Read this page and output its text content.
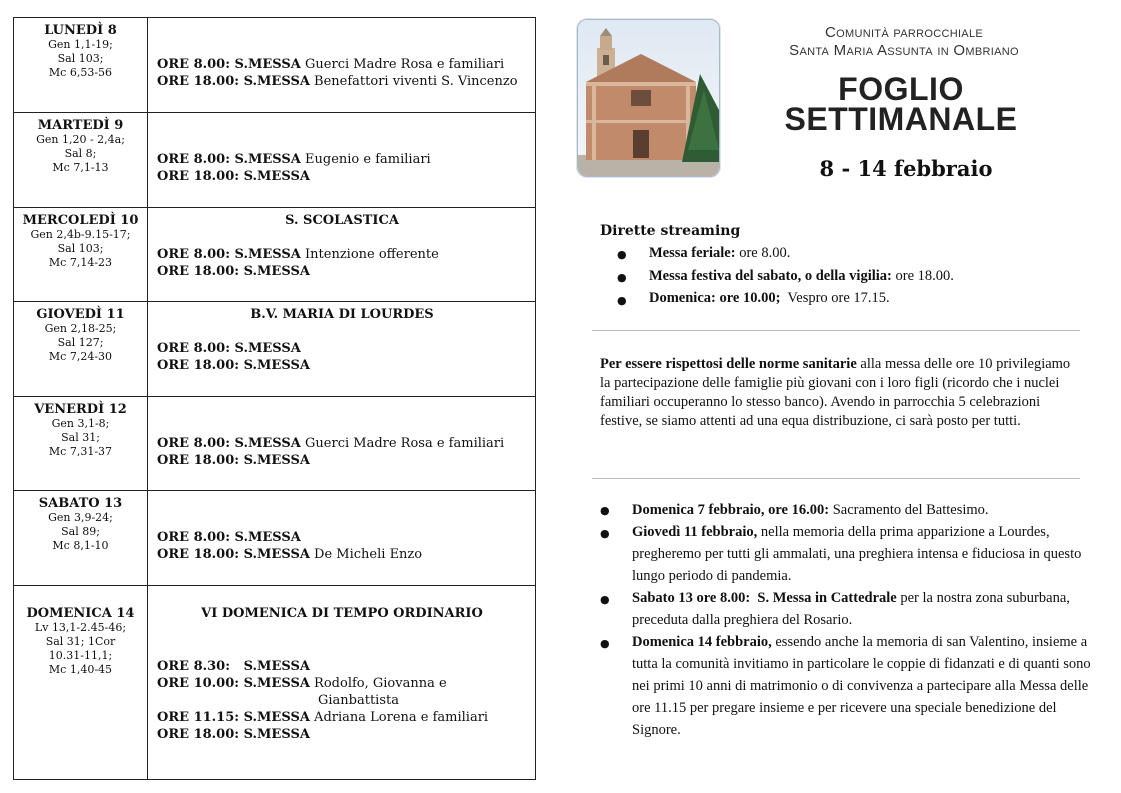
LUNEDÌ 8
Gen 1,1-19;
Sal 103;
Mc 6,53-56
ORE 8.00: S.MESSA Guerci Madre Rosa e familiari
ORE 18.00: S.MESSA Benefattori viventi S. Vincenzo
MARTEDÌ 9
Gen 1,20 - 2,4a;
Sal 8;
Mc 7,1-13
ORE 8.00: S.MESSA Eugenio e familiari
ORE 18.00: S.MESSA
MERCOLEDÌ 10
Gen 2,4b-9.15-17;
Sal 103;
Mc 7,14-23
S. SCOLASTICA
ORE 8.00: S.MESSA Intenzione offerente
ORE 18.00: S.MESSA
GIOVEDÌ 11
Gen 2,18-25;
Sal 127;
Mc 7,24-30
B.V. MARIA DI LOURDES
ORE 8.00: S.MESSA
ORE 18.00: S.MESSA
VENERDÌ 12
Gen 3,1-8;
Sal 31;
Mc 7,31-37
ORE 8.00: S.MESSA Guerci Madre Rosa e familiari
ORE 18.00: S.MESSA
SABATO 13
Gen 3,9-24;
Sal 89;
Mc 8,1-10
ORE 8.00: S.MESSA
ORE 18.00: S.MESSA De Micheli Enzo
DOMENICA 14
Lv 13,1-2.45-46;
Sal 31; 1Cor
10.31-11,1;
Mc 1,40-45
VI DOMENICA DI TEMPO ORDINARIO
ORE 8.30:   S.MESSA
ORE 10.00: S.MESSA Rodolfo, Giovanna e
Gianbattista
ORE 11.15: S.MESSA Adriana Lorena e familiari
ORE 18.00: S.MESSA
Comunità parrocchiale
Santa Maria Assunta in Ombriano
FOGLIO
SETTIMANALE
8 - 14 febbraio
Dirette streaming
● Messa feriale: ore 8.00.
● Messa festiva del sabato, o della vigilia: ore 18.00.
● Domenica: ore 10.00;  Vespro ore 17.15.
Per essere rispettosi delle norme sanitarie alla messa delle ore 10 privilegiamo la partecipazione delle famiglie più giovani con i loro figli (ricordo che i nuclei familiari occuperanno lo stesso banco). Avendo in parrocchia 5 celebrazioni festive, se siamo attenti ad una equa distribuzione, ci sarà posto per tutti.
● Domenica 7 febbraio, ore 16.00: Sacramento del Battesimo.
● Giovedì 11 febbraio, nella memoria della prima apparizione a Lourdes, pregheremo per tutti gli ammalati, una preghiera intensa e fiduciosa in questo lungo periodo di pandemia.
● Sabato 13 ore 8.00:  S. Messa in Cattedrale per la nostra zona suburbana, preceduta dalla preghiera del Rosario.
● Domenica 14 febbraio, essendo anche la memoria di san Valentino, insieme a tutta la comunità invitiamo in particolare le coppie di fidanzati e di quanti sono nei primi 10 anni di matrimonio o di convivenza a partecipare alla Messa delle ore 11.15 per pregare insieme e per ricevere una speciale benedizione del Signore.
